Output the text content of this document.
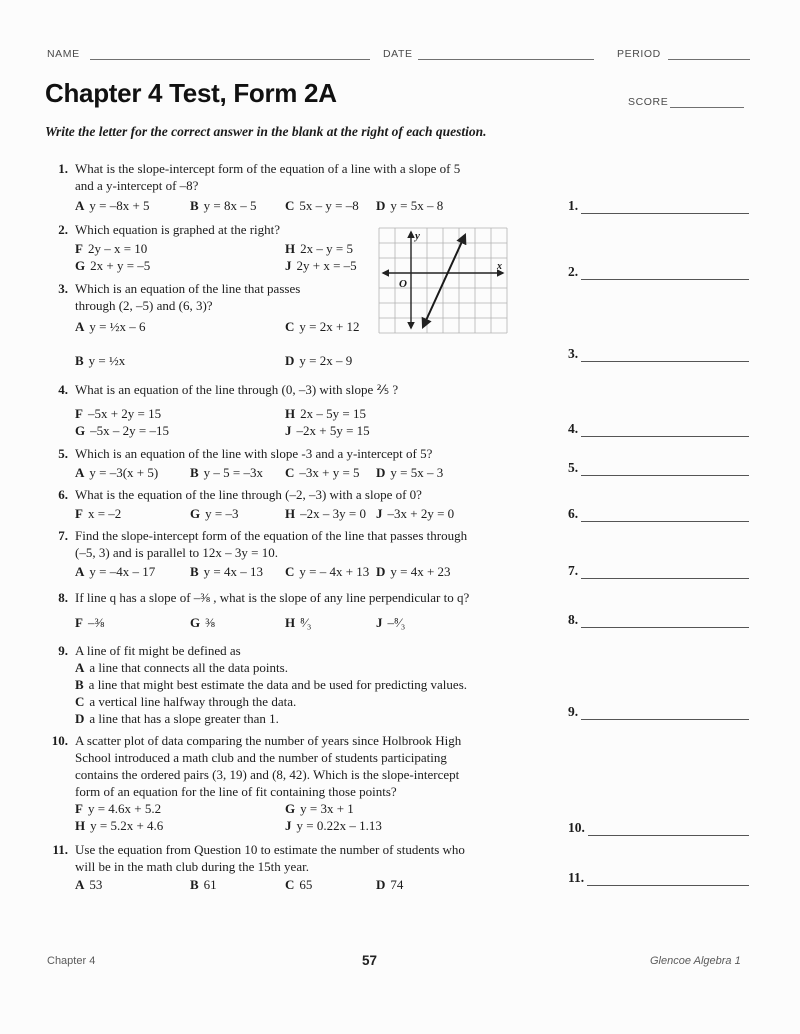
NAME	DATE	PERIOD
Chapter 4 Test, Form 2A	SCORE
Write the letter for the correct answer in the blank at the right of each question.
1. What is the slope-intercept form of the equation of a line with a slope of 5
and a y-intercept of –8?
A y = –8x + 5	B y = 8x – 5 C 5x – y = –8 D y = 5x – 8
2. Which equation is graphed at the right?
F 2y – x = 10	H 2x – y = 5
G 2x + y = –5	J 2y + x = –5
y
x
O
3. Which is an equation of the line that passes
through (2, –5) and (6, 3)?
A y = ½x – 6	C y = 2x + 12
B y = ½x	D y = 2x – 9
4. What is an equation of the line through (0, –3) with slope ⅖ ?
F –5x + 2y = 15	H 2x – 5y = 15
G –5x – 2y = –15	J –2x + 5y = 15
5. Which is an equation of the line with slope -3 and a y-intercept of 5?
A y = –3(x + 5) B y – 5 = –3x C –3x + y = 5 D y = 5x – 3
6. What is the equation of the line through (–2, –3) with a slope of 0?
F x = –2	G y = –3	H –2x – 3y = 0 J –3x + 2y = 0
7. Find the slope-intercept form of the equation of the line that passes through
(–5, 3) and is parallel to 12x – 3y = 10.
A y = –4x – 17	B y = 4x – 13 C y = – 4x + 13 D y = 4x + 23
8. If line q has a slope of –⅜ , what is the slope of any line perpendicular to q?
F –⅜	G ⅜	H ⁸⁄₃	J –⁸⁄₃
9. A line of fit might be defined as
A a line that connects all the data points.
B a line that might best estimate the data and be used for predicting values.
C a vertical line halfway through the data.
D a line that has a slope greater than 1.
10. A scatter plot of data comparing the number of years since Holbrook High
School introduced a math club and the number of students participating
contains the ordered pairs (3, 19) and (8, 42). Which is the slope-intercept
form of an equation for the line of fit containing those points?
F y = 4.6x + 5.2	G y = 3x + 1
H y = 5.2x + 4.6	J y = 0.22x – 1.13
11. Use the equation from Question 10 to estimate the number of students who
will be in the math club during the 15th year.
A 53	B 61	C 65	D 74
1.
2.
3.
4.
5.
6.
7.
8.
9.
10.
11.
Chapter 4	57	Glencoe Algebra 1
